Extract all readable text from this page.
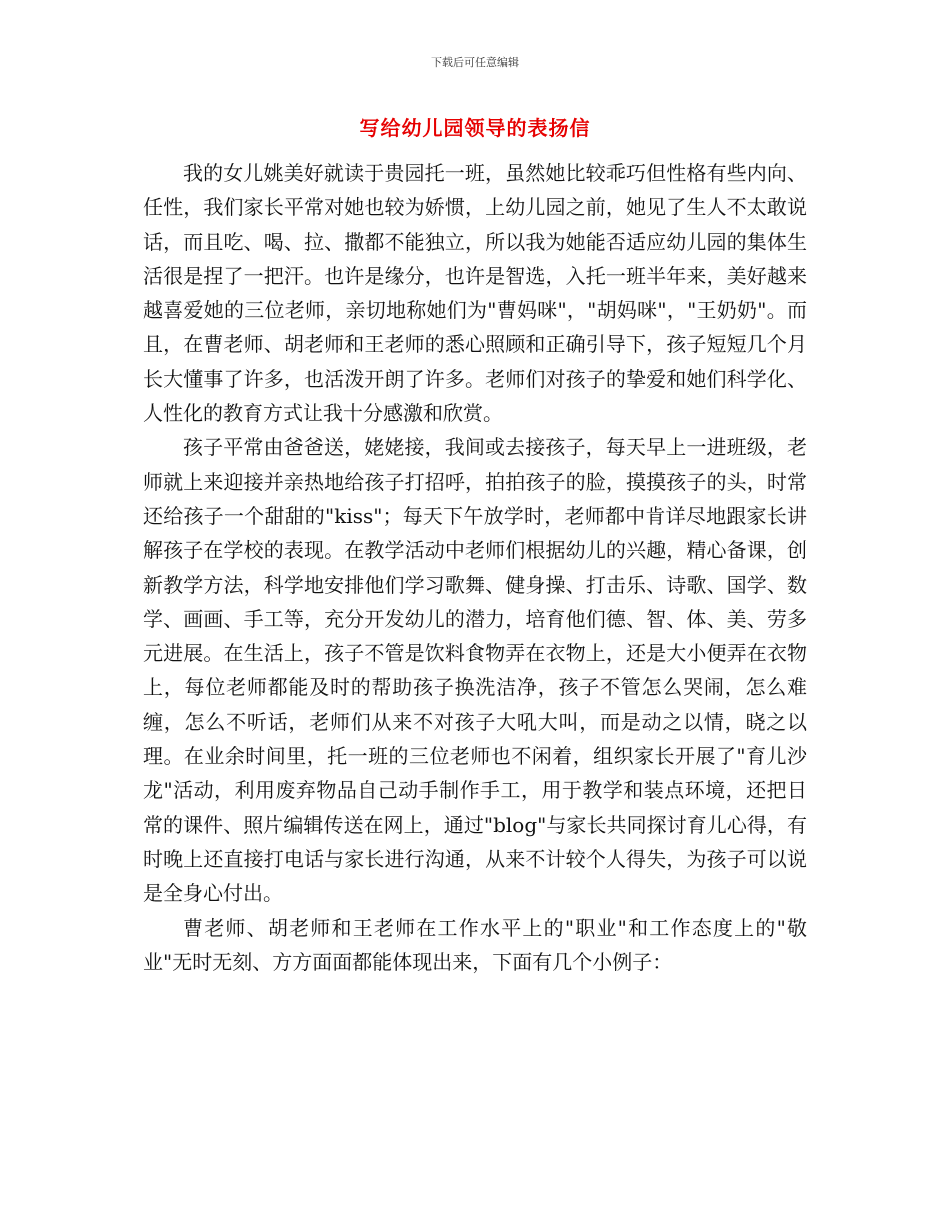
下载后可任意编辑
写给幼儿园领导的表扬信

我的女儿姚美好就读于贵园托一班，虽然她比较乖巧但性格有些内向、任性，我们家长平常对她也较为娇惯，上幼儿园之前，她见了生人不太敢说话，而且吃、喝、拉、撒都不能独立，所以我为她能否适应幼儿园的集体生活很是捏了一把汗。也许是缘分，也许是智选，入托一班半年来，美好越来越喜爱她的三位老师，亲切地称她们为"曹妈咪"，"胡妈咪"，"王奶奶"。而且，在曹老师、胡老师和王老师的悉心照顾和正确引导下，孩子短短几个月长大懂事了许多，也活泼开朗了许多。老师们对孩子的挚爱和她们科学化、人性化的教育方式让我十分感激和欣赏。

孩子平常由爸爸送，姥姥接，我间或去接孩子，每天早上一进班级，老师就上来迎接并亲热地给孩子打招呼，拍拍孩子的脸，摸摸孩子的头，时常还给孩子一个甜甜的"kiss"；每天下午放学时，老师都中肯详尽地跟家长讲解孩子在学校的表现。在教学活动中老师们根据幼儿的兴趣，精心备课，创新教学方法，科学地安排他们学习歌舞、健身操、打击乐、诗歌、国学、数学、画画、手工等，充分开发幼儿的潜力，培育他们德、智、体、美、劳多元进展。在生活上，孩子不管是饮料食物弄在衣物上，还是大小便弄在衣物上，每位老师都能及时的帮助孩子换洗洁净，孩子不管怎么哭闹，怎么难缠，怎么不听话，老师们从来不对孩子大吼大叫，而是动之以情，晓之以理。在业余时间里，托一班的三位老师也不闲着，组织家长开展了"育儿沙龙"活动，利用废弃物品自己动手制作手工，用于教学和装点环境，还把日常的课件、照片编辑传送在网上，通过"blog"与家长共同探讨育儿心得，有时晚上还直接打电话与家长进行沟通，从来不计较个人得失，为孩子可以说是全身心付出。

曹老师、胡老师和王老师在工作水平上的"职业"和工作态度上的"敬业"无时无刻、方方面面都能体现出来，下面有几个小例子：
